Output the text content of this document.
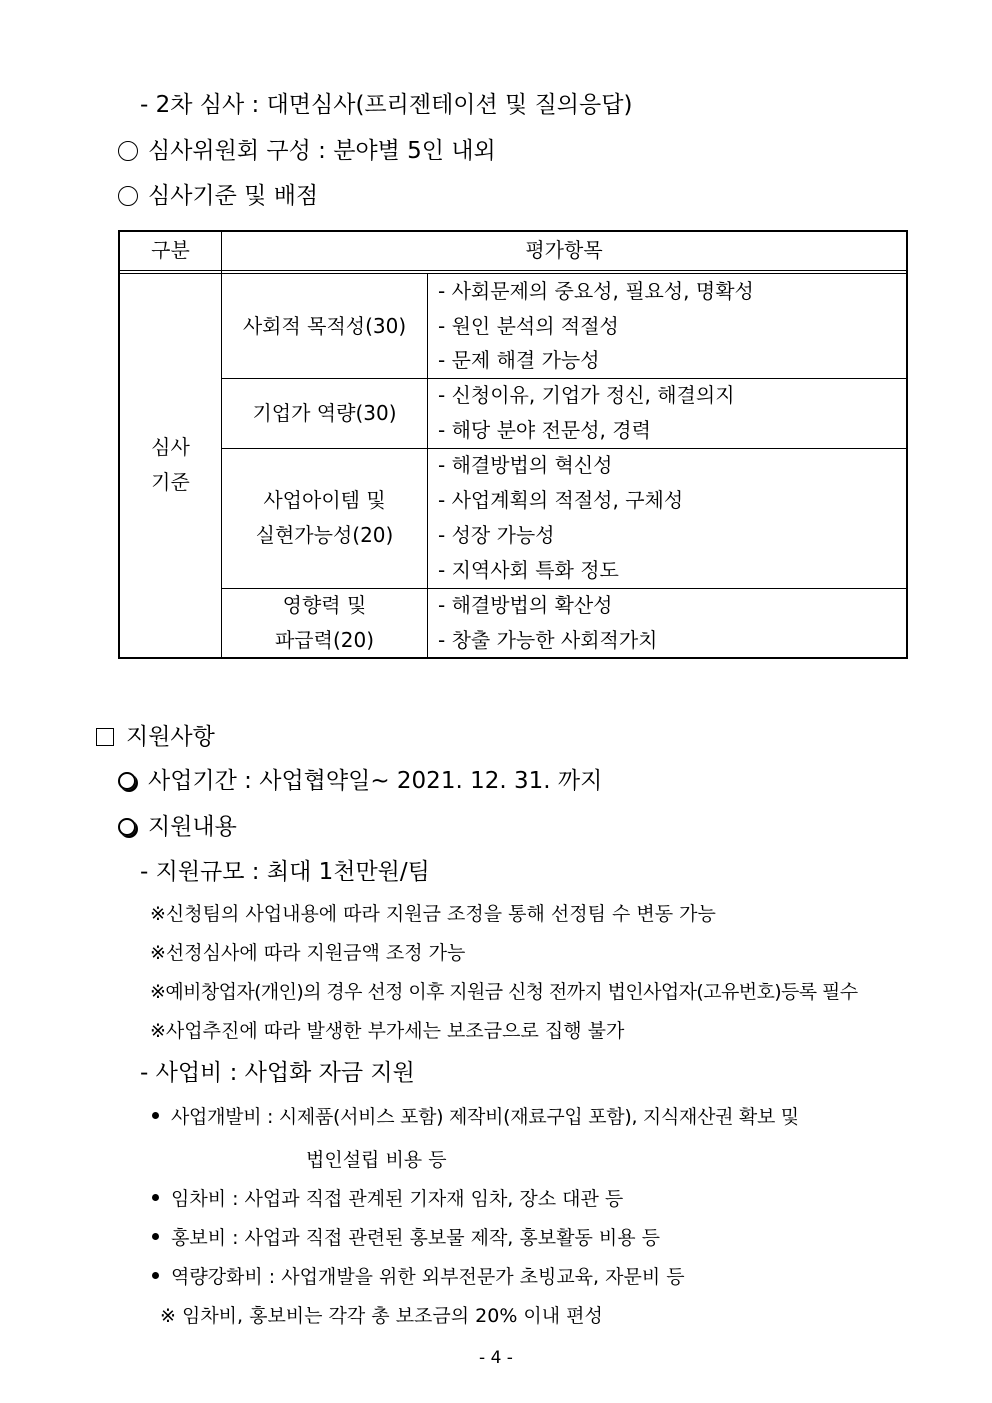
- 2차 심사 : 대면심사(프리젠테이션 및 질의응답)
심사위원회 구성 : 분야별 5인 내외
심사기준 및 배점
구분	평가항목
심사
기준
사회적 목적성(30)
- 사회문제의 중요성, 필요성, 명확성
- 원인 분석의 적절성
- 문제 해결 가능성
기업가 역량(30)
- 신청이유, 기업가 정신, 해결의지
- 해당 분야 전문성, 경력
사업아이템 및
실현가능성(20)
- 해결방법의 혁신성
- 사업계획의 적절성, 구체성
- 성장 가능성
- 지역사회 특화 정도
영향력 및
파급력(20)
- 해결방법의 확산성
- 창출 가능한 사회적가치
지원사항
사업기간 : 사업협약일~ 2021. 12. 31. 까지
지원내용
- 지원규모 : 최대 1천만원/팀
※신청팀의 사업내용에 따라 지원금 조정을 통해 선정팀 수 변동 가능
※선정심사에 따라 지원금액 조정 가능
※예비창업자(개인)의 경우 선정 이후 지원금 신청 전까지 법인사업자(고유번호)등록 필수
※사업추진에 따라 발생한 부가세는 보조금으로 집행 불가
- 사업비 : 사업화 자금 지원
사업개발비 : 시제품(서비스 포함) 제작비(재료구입 포함), 지식재산권 확보 및
법인설립 비용 등
임차비 : 사업과 직접 관계된 기자재 임차, 장소 대관 등
홍보비 : 사업과 직접 관련된 홍보물 제작, 홍보활동 비용 등
역량강화비 : 사업개발을 위한 외부전문가 초빙교육, 자문비 등
※ 임차비, 홍보비는 각각 총 보조금의 20% 이내 편성
- 4 -
